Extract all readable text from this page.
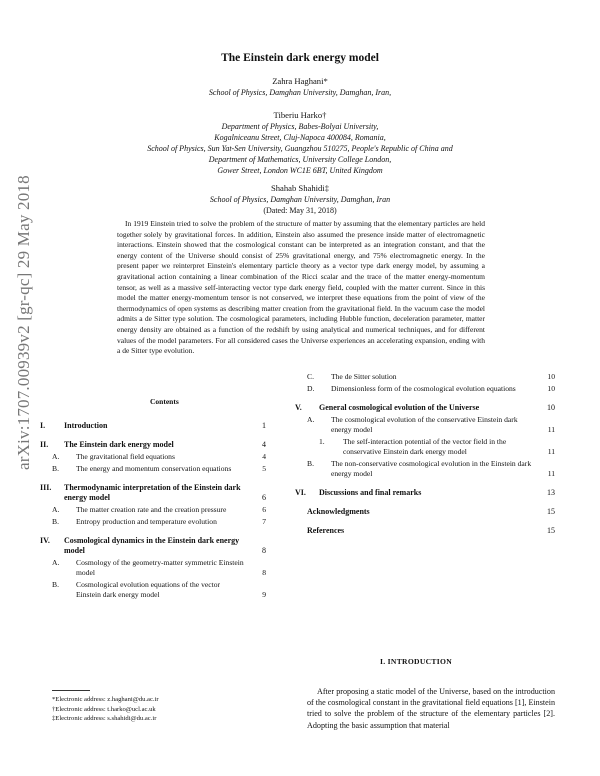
arXiv:1707.00939v2 [gr-qc] 29 May 2018
The Einstein dark energy model
Zahra Haghani*
School of Physics, Damghan University, Damghan, Iran,
Tiberiu Harko†
Department of Physics, Babes-Bolyai University,
Kogalniceanu Street, Cluj-Napoca 400084, Romania,
School of Physics, Sun Yat-Sen University, Guangzhou 510275, People's Republic of China and
Department of Mathematics, University College London,
Gower Street, London WC1E 6BT, United Kingdom
Shahab Shahidi‡
School of Physics, Damghan University, Damghan, Iran
(Dated: May 31, 2018)
In 1919 Einstein tried to solve the problem of the structure of matter by assuming that the elementary particles are held together solely by gravitational forces. In addition, Einstein also assumed the presence inside matter of electromagnetic interactions. Einstein showed that the cosmological constant can be interpreted as an integration constant, and that the energy content of the Universe should consist of 25% gravitational energy, and 75% electromagnetic energy. In the present paper we reinterpret Einstein's elementary particle theory as a vector type dark energy model, by assuming a gravitational action containing a linear combination of the Ricci scalar and the trace of the matter energy-momentum tensor, as well as a massive self-interacting vector type dark energy field, coupled with the matter current. Since in this model the matter energy-momentum tensor is not conserved, we interpret these equations from the point of view of the thermodynamics of open systems as describing matter creation from the gravitational field. In the vacuum case the model admits a de Sitter type solution. The cosmological parameters, including Hubble function, deceleration parameter, matter energy density are obtained as a function of the redshift by using analytical and numerical techniques, and for different values of the model parameters. For all considered cases the Universe experiences an accelerating expansion, ending with a de Sitter type evolution.
Contents
I. Introduction	1
II. The Einstein dark energy model	4
A. The gravitational field equations	4
B. The energy and momentum conservation equations	5
III. Thermodynamic interpretation of the Einstein dark energy model	6
A. The matter creation rate and the creation pressure	6
B. Entropy production and temperature evolution	7
IV. Cosmological dynamics in the Einstein dark energy model	8
A. Cosmology of the geometry-matter symmetric Einstein model	8
B. Cosmological evolution equations of the vector Einstein dark energy model	9
C. The de Sitter solution	10
D. Dimensionless form of the cosmological evolution equations	10
V. General cosmological evolution of the Universe	10
A. The cosmological evolution of the conservative Einstein dark energy model	11
1. The self-interaction potential of the vector field in the conservative Einstein dark energy model	11
B. The non-conservative cosmological evolution in the Einstein dark energy model	11
VI. Discussions and final remarks	13
Acknowledgments	15
References	15
*Electronic address: z.haghani@du.ac.ir
†Electronic address: t.harko@ucl.ac.uk
‡Electronic address: s.shahidi@du.ac.ir
I. INTRODUCTION
After proposing a static model of the Universe, based on the introduction of the cosmological constant in the gravitational field equations [1], Einstein tried to solve the problem of the structure of the elementary particles [2]. Adopting the basic assumption that material
